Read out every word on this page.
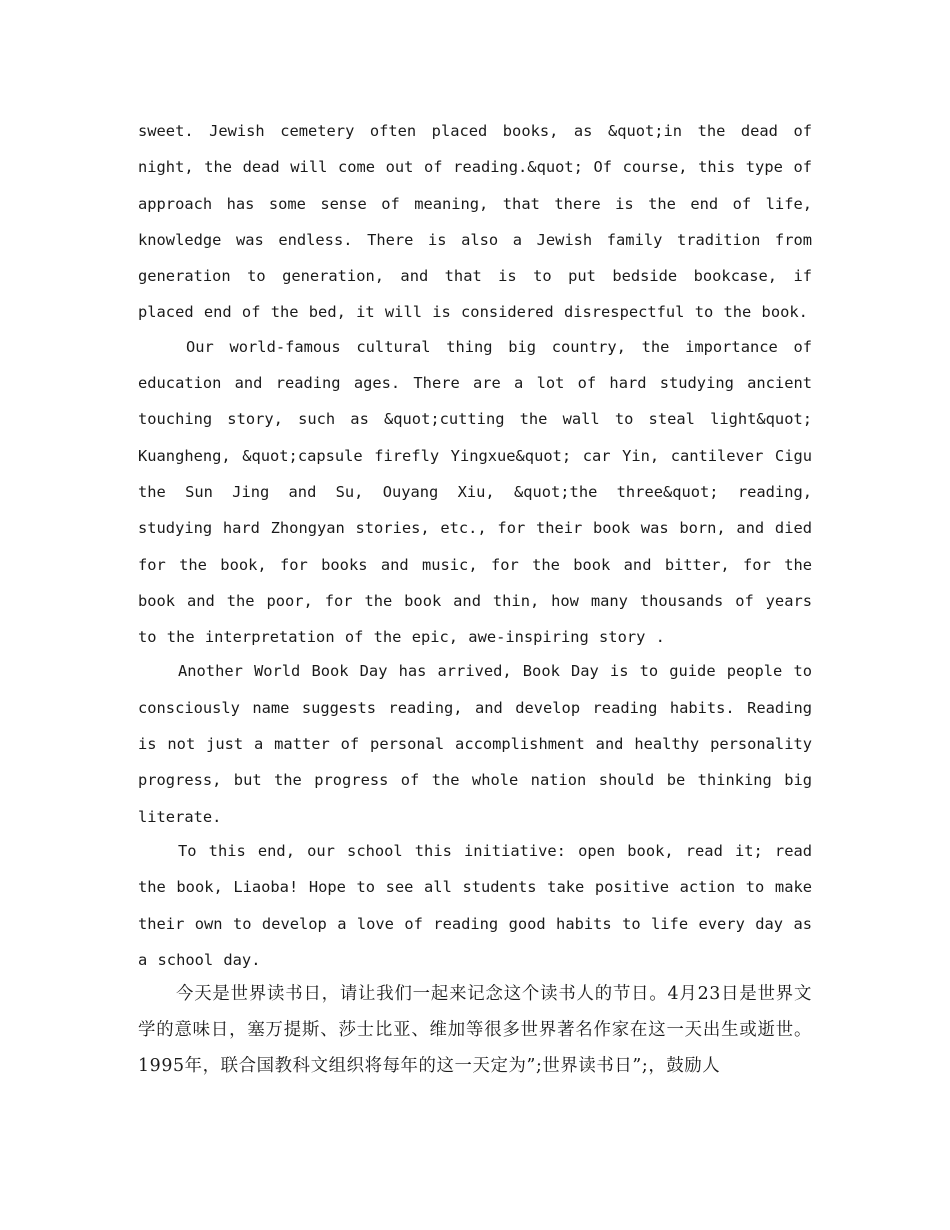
sweet. Jewish cemetery often placed books, as &quot;in the dead of night, the dead will come out of reading.&quot; Of course, this type of approach has some sense of meaning, that there is the end of life, knowledge was endless. There is also a Jewish family tradition from generation to generation, and that is to put bedside bookcase, if placed end of the bed, it will is considered disrespectful to the book.

Our world-famous cultural thing big country, the importance of education and reading ages. There are a lot of hard studying ancient touching story, such as &quot;cutting the wall to steal light&quot; Kuangheng, &quot;capsule firefly Yingxue&quot; car Yin, cantilever Cigu the Sun Jing and Su, Ouyang Xiu, &quot;the three&quot; reading, studying hard Zhongyan stories, etc., for their book was born, and died for the book, for books and music, for the book and bitter, for the book and the poor, for the book and thin, how many thousands of years to the interpretation of the epic, awe-inspiring story .

Another World Book Day has arrived, Book Day is to guide people to consciously name suggests reading, and develop reading habits. Reading is not just a matter of personal accomplishment and healthy personality progress, but the progress of the whole nation should be thinking big literate.

To this end, our school this initiative: open book, read it; read the book, Liaoba! Hope to see all students take positive action to make their own to develop a love of reading good habits to life every day as a school day.

今天是世界读书日，请让我们一起来记念这个读书人的节日。4月23日是世界文学的意味日，塞万提斯、莎士比亚、维加等很多世界著名作家在这一天出生或逝世。1995年，联合国教科文组织将每年的这一天定为”;世界读书日”;，鼓励人
